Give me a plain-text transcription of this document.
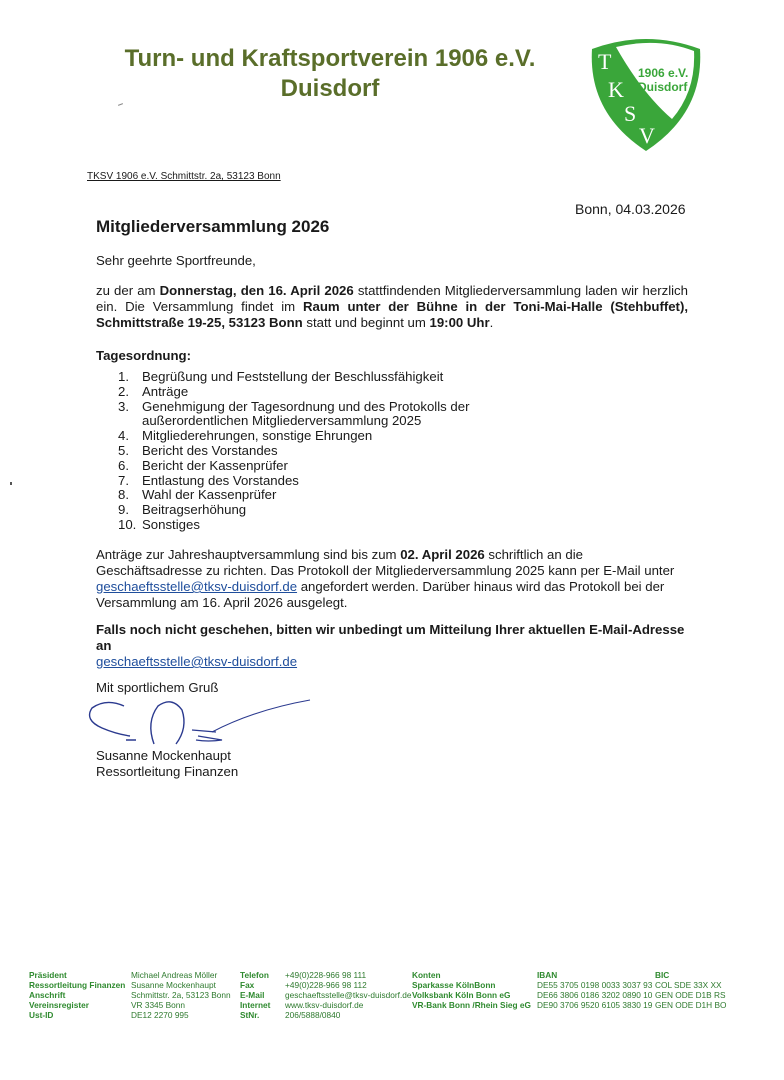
Turn- und Kraftsportverein 1906 e.V.
Duisdorf
T
K
S
V
1906 e.V.
Duisdorf
TKSV 1906 e.V. Schmittstr. 2a, 53123 Bonn
Bonn, 04.03.2026
Mitgliederversammlung 2026
Sehr geehrte Sportfreunde,
zu der am Donnerstag, den 16. April 2026 stattfindenden Mitgliederversammlung laden wir herzlich ein. Die Versammlung findet im Raum unter der Bühne in der Toni-Mai-Halle (Stehbuffet), Schmittstraße 19-25, 53123 Bonn statt und beginnt um 19:00 Uhr.
Tagesordnung:
1. Begrüßung und Feststellung der Beschlussfähigkeit
2. Anträge
3. Genehmigung der Tagesordnung und des Protokolls der außerordentlichen Mitgliederversammlung 2025
4. Mitgliederehrungen, sonstige Ehrungen
5. Bericht des Vorstandes
6. Bericht der Kassenprüfer
7. Entlastung des Vorstandes
8. Wahl der Kassenprüfer
9. Beitragserhöhung
10. Sonstiges
Anträge zur Jahreshauptversammlung sind bis zum 02. April 2026 schriftlich an die Geschäftsadresse zu richten. Das Protokoll der Mitgliederversammlung 2025 kann per E-Mail unter
geschaeftsstelle@tksv-duisdorf.de angefordert werden. Darüber hinaus wird das Protokoll bei der Versammlung am 16. April 2026 ausgelegt.
Falls noch nicht geschehen, bitten wir unbedingt um Mitteilung Ihrer aktuellen E-Mail-Adresse an
geschaeftsstelle@tksv-duisdorf.de
Mit sportlichem Gruß
Susanne Mockenhaupt
Ressortleitung Finanzen
Präsident
Ressortleitung Finanzen
Anschrift
Vereinsregister
Ust-ID
Michael Andreas Möller
Susanne Mockenhaupt
Schmittstr. 2a, 53123 Bonn
VR 3345 Bonn
DE12 2270 995
Telefon
Fax
E-Mail
Internet
StNr.
+49(0)228-966 98 111
+49(0)228-966 98 112
geschaeftsstelle@tksv-duisdorf.de
www.tksv-duisdorf.de
206/5888/0840
Konten
Sparkasse KölnBonn
Volksbank Köln Bonn eG
VR-Bank Bonn /Rhein Sieg eG
IBAN
DE55 3705 0198 0033 3037 93
DE66 3806 0186 3202 0890 10
DE90 3706 9520 6105 3830 19
BIC
COL SDE 33X XX
GEN ODE D1B RS
GEN ODE D1H BO
